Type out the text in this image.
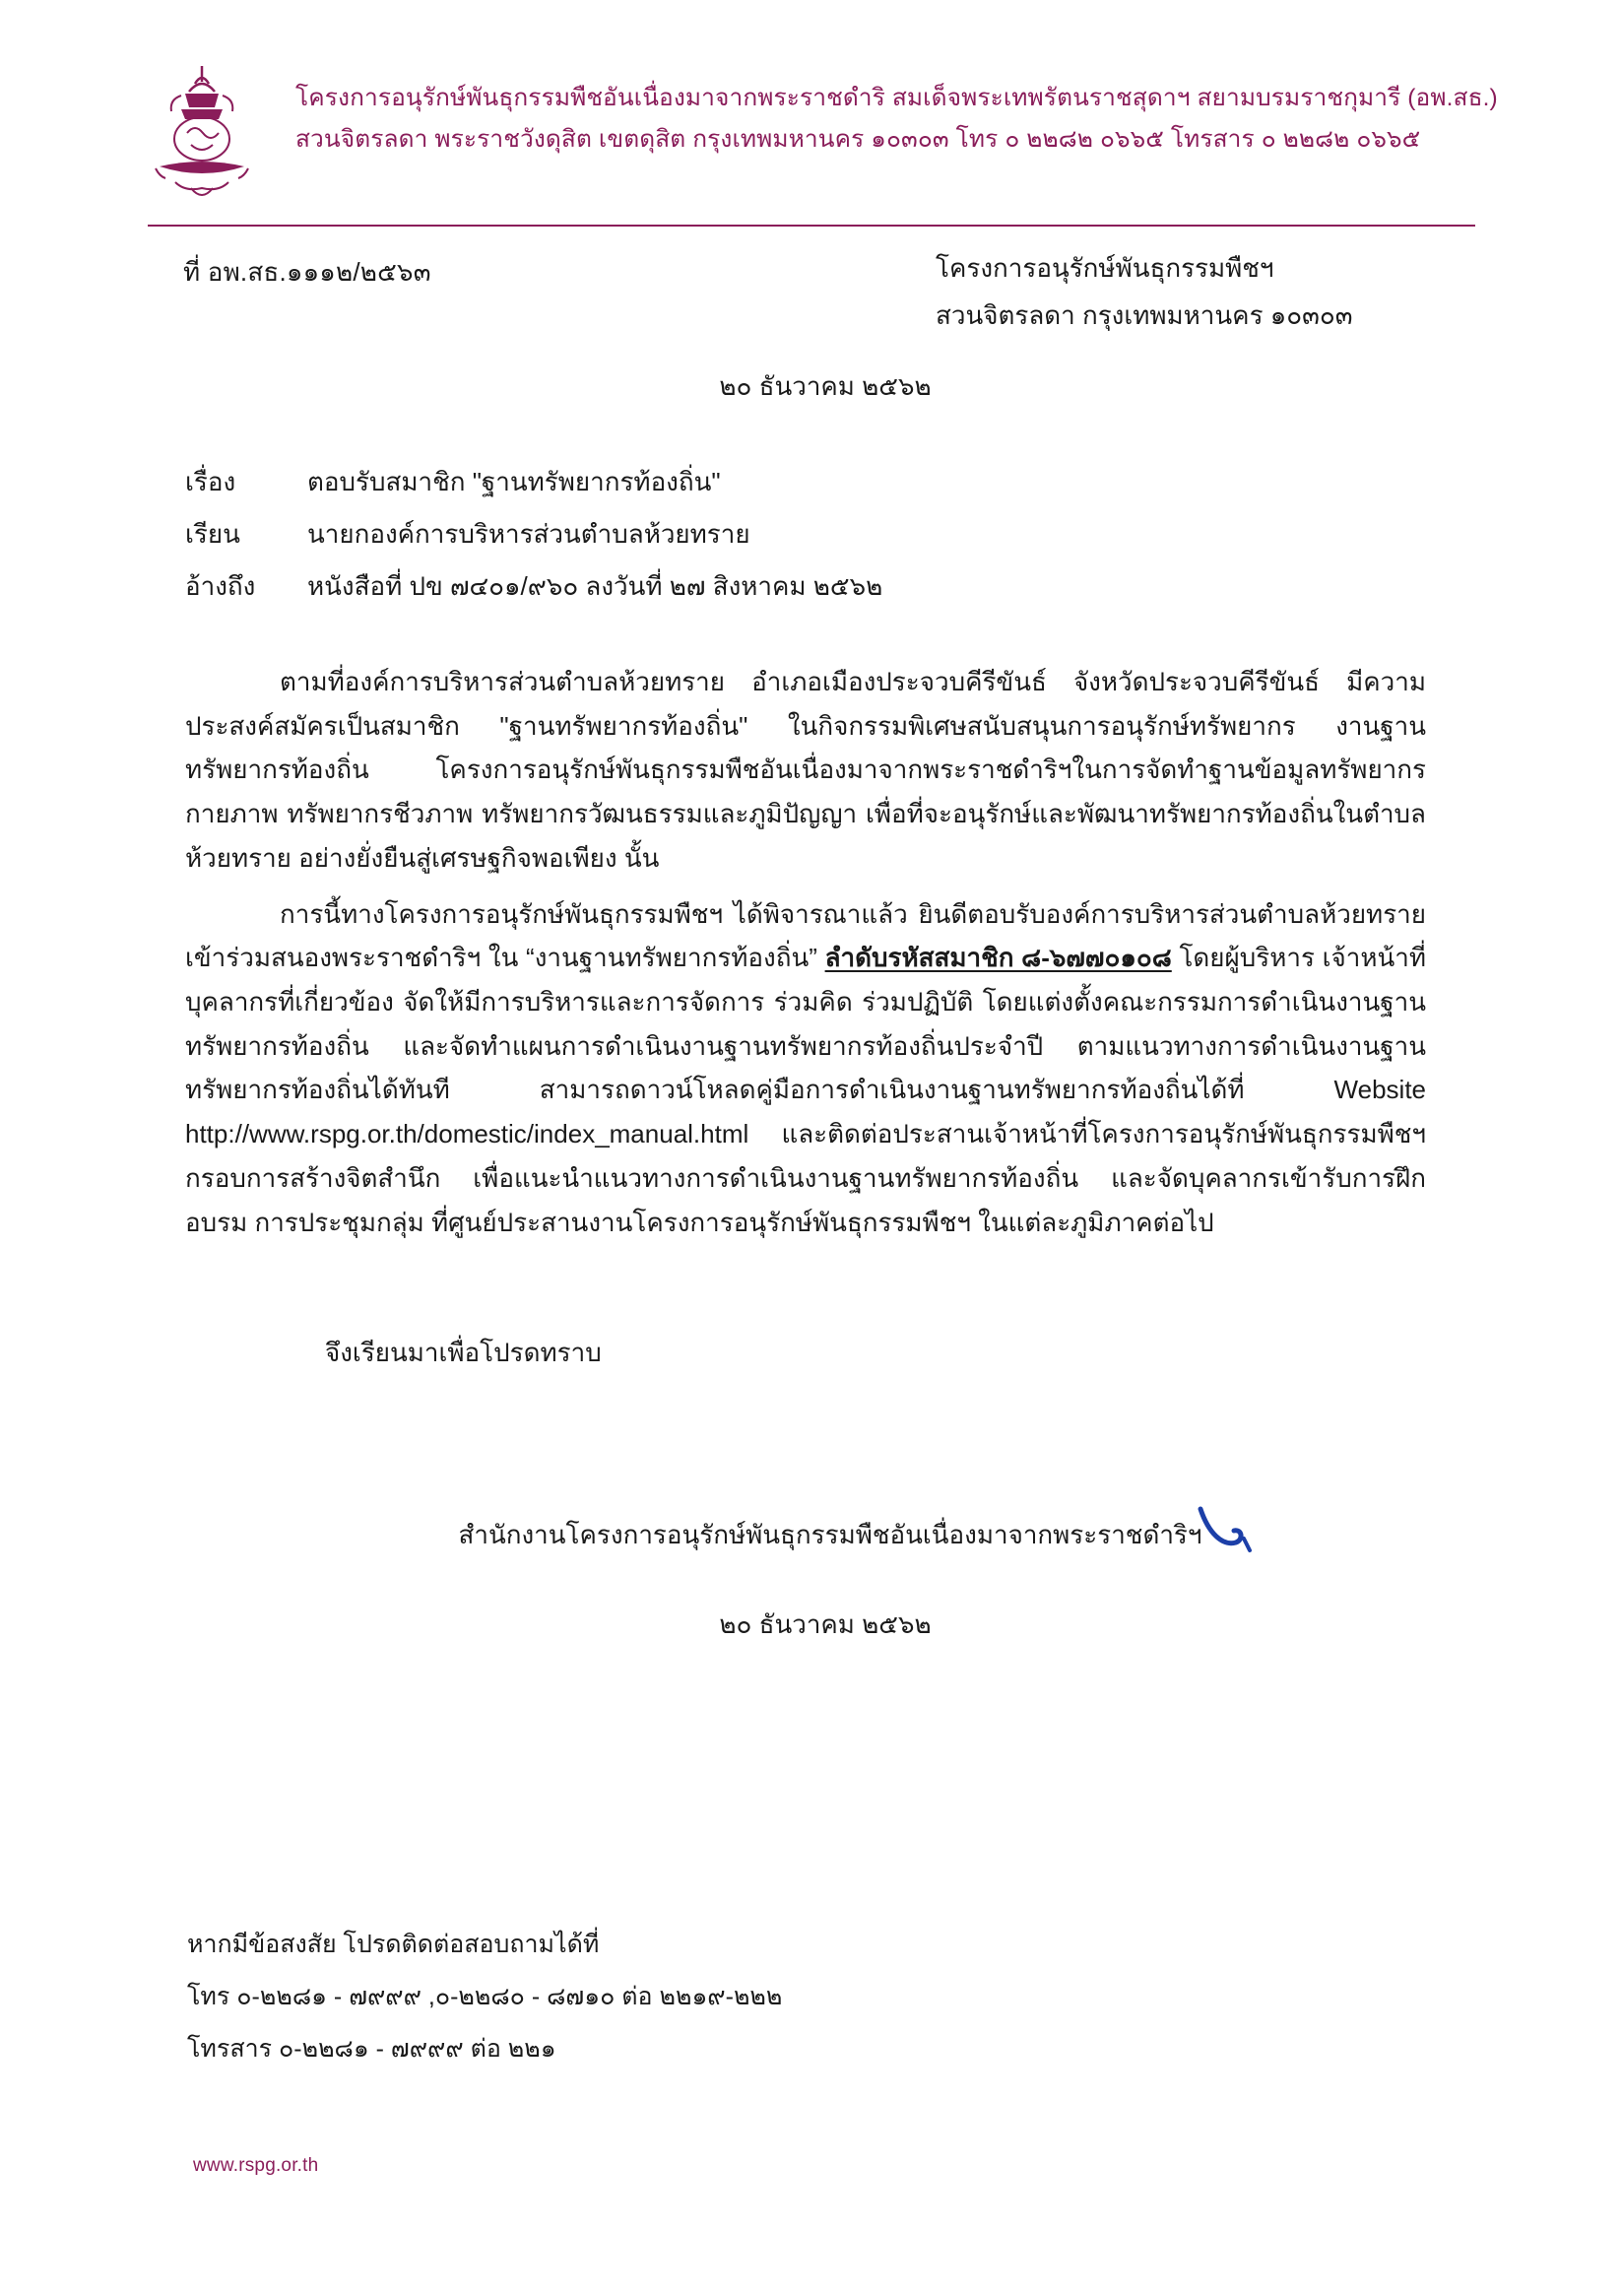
โครงการอนุรักษ์พันธุกรรมพืชอันเนื่องมาจากพระราชดำริ สมเด็จพระเทพรัตนราชสุดาฯ สยามบรมราชกุมารี (อพ.สธ.)
สวนจิตรลดา พระราชวังดุสิต เขตดุสิต กรุงเทพมหานคร ๑๐๓๐๓ โทร ๐ ๒๒๘๒ ๐๖๖๕ โทรสาร ๐ ๒๒๘๒ ๐๖๖๕
ที่ อพ.สธ.๑๑๑๒/๒๕๖๓	โครงการอนุรักษ์พันธุกรรมพืชฯ
สวนจิตรลดา กรุงเทพมหานคร ๑๐๓๐๓
๒๐ ธันวาคม ๒๕๖๒
เรื่อง	ตอบรับสมาชิก "ฐานทรัพยากรท้องถิ่น"
เรียน	นายกองค์การบริหารส่วนตำบลห้วยทราย
อ้างถึง	หนังสือที่ ปข ๗๔๐๑/๙๖๐ ลงวันที่ ๒๗ สิงหาคม ๒๕๖๒

ตามที่องค์การบริหารส่วนตำบลห้วยทราย อำเภอเมืองประจวบคีรีขันธ์ จังหวัดประจวบคีรีขันธ์ มีความประสงค์สมัครเป็นสมาชิก "ฐานทรัพยากรท้องถิ่น" ในกิจกรรมพิเศษสนับสนุนการอนุรักษ์ทรัพยากร งานฐานทรัพยากรท้องถิ่น โครงการอนุรักษ์พันธุกรรมพืชอันเนื่องมาจากพระราชดำริฯในการจัดทำฐานข้อมูลทรัพยากรกายภาพ ทรัพยากรชีวภาพ ทรัพยากรวัฒนธรรมและภูมิปัญญา เพื่อที่จะอนุรักษ์และพัฒนาทรัพยากรท้องถิ่นในตำบลห้วยทราย อย่างยั่งยืนสู่เศรษฐกิจพอเพียง นั้น

การนี้ทางโครงการอนุรักษ์พันธุกรรมพืชฯ ได้พิจารณาแล้ว ยินดีตอบรับองค์การบริหารส่วนตำบลห้วยทราย เข้าร่วมสนองพระราชดำริฯ ใน “งานฐานทรัพยากรท้องถิ่น” ลำดับรหัสสมาชิก ๘-๖๗๗๐๑๐๘ โดยผู้บริหาร เจ้าหน้าที่ บุคลากรที่เกี่ยวข้อง จัดให้มีการบริหารและการจัดการ ร่วมคิด ร่วมปฏิบัติ โดยแต่งตั้งคณะกรรมการดำเนินงานฐานทรัพยากรท้องถิ่น และจัดทำแผนการดำเนินงานฐานทรัพยากรท้องถิ่นประจำปี ตามแนวทางการดำเนินงานฐานทรัพยากรท้องถิ่นได้ทันที สามารถดาวน์โหลดคู่มือการดำเนินงานฐานทรัพยากรท้องถิ่นได้ที่ Website http://www.rspg.or.th/domestic/index_manual.html และติดต่อประสานเจ้าหน้าที่โครงการอนุรักษ์พันธุกรรมพืชฯ กรอบการสร้างจิตสำนึก เพื่อแนะนำแนวทางการดำเนินงานฐานทรัพยากรท้องถิ่น และจัดบุคลากรเข้ารับการฝึกอบรม การประชุมกลุ่ม ที่ศูนย์ประสานงานโครงการอนุรักษ์พันธุกรรมพืชฯ ในแต่ละภูมิภาคต่อไป

จึงเรียนมาเพื่อโปรดทราบ
สำนักงานโครงการอนุรักษ์พันธุกรรมพืชอันเนื่องมาจากพระราชดำริฯ
๒๐ ธันวาคม ๒๕๖๒
หากมีข้อสงสัย โปรดติดต่อสอบถามได้ที่
โทร ๐-๒๒๘๑ - ๗๙๙๙ ,๐-๒๒๘๐ - ๘๗๑๐ ต่อ ๒๒๑๙-๒๒๒
โทรสาร ๐-๒๒๘๑ - ๗๙๙๙ ต่อ ๒๒๑
www.rspg.or.th
